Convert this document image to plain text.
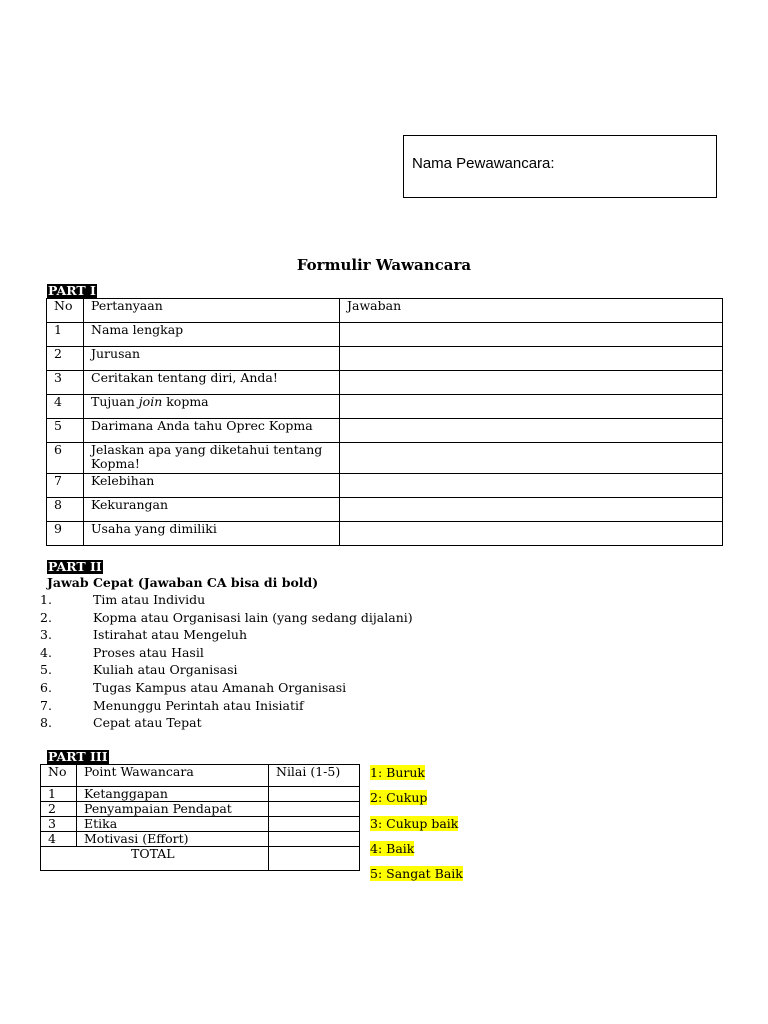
Nama Pewawancara:
Formulir Wawancara
PART I
No	Pertanyaan	Jawaban
1	Nama lengkap	
2	Jurusan	
3	Ceritakan tentang diri, Anda!	
4	Tujuan join kopma	
5	Darimana Anda tahu Oprec Kopma	
6	Jelaskan apa yang diketahui tentang Kopma!	
7	Kelebihan	
8	Kekurangan	
9	Usaha yang dimiliki	
PART II
Jawab Cepat (Jawaban CA bisa di bold)
1.	Tim atau Individu
2.	Kopma atau Organisasi lain (yang sedang dijalani)
3.	Istirahat atau Mengeluh
4.	Proses atau Hasil
5.	Kuliah atau Organisasi
6.	Tugas Kampus atau Amanah Organisasi
7.	Menunggu Perintah atau Inisiatif
8.	Cepat atau Tepat
PART III
No	Point Wawancara	Nilai (1-5)
1	Ketanggapan	
2	Penyampaian Pendapat	
3	Etika	
4	Motivasi (Effort)	
TOTAL		
1: Buruk
2: Cukup
3: Cukup baik
4: Baik
5: Sangat Baik
